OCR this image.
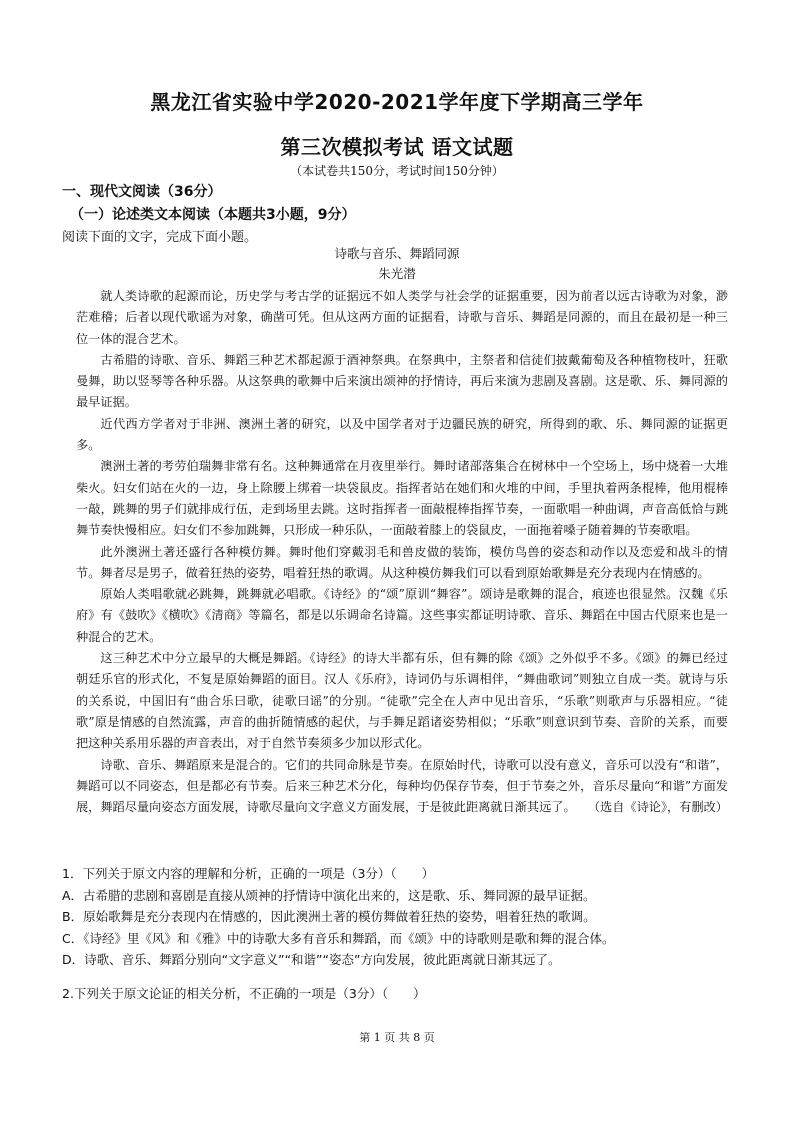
黑龙江省实验中学2020-2021学年度下学期高三学年
第三次模拟考试 语文试题
（本试卷共150分，考试时间150分钟）
一、现代文阅读（36分）
（一）论述类文本阅读（本题共3小题，9分）
阅读下面的文字，完成下面小题。
诗歌与音乐、舞蹈同源
朱光潜

就人类诗歌的起源而论，历史学与考古学的证据远不如人类学与社会学的证据重要，因为前者以远古诗歌为对象，渺茫难稽；后者以现代歌谣为对象，确凿可凭。但从这两方面的证据看，诗歌与音乐、舞蹈是同源的，而且在最初是一种三位一体的混合艺术。

古希腊的诗歌、音乐、舞蹈三种艺术都起源于酒神祭典。在祭典中，主祭者和信徒们披戴葡萄及各种植物枝叶，狂歌曼舞，助以竖琴等各种乐器。从这祭典的歌舞中后来演出颂神的抒情诗，再后来演为悲剧及喜剧。这是歌、乐、舞同源的最早证据。

近代西方学者对于非洲、澳洲土著的研究，以及中国学者对于边疆民族的研究，所得到的歌、乐、舞同源的证据更多。

澳洲土著的考劳伯瑞舞非常有名。这种舞通常在月夜里举行。舞时诸部落集合在树林中一个空场上，场中烧着一大堆柴火。妇女们站在火的一边，身上除腰上绑着一块袋鼠皮。指挥者站在她们和火堆的中间，手里执着两条棍棒，他用棍棒一敲，跳舞的男子们就排成行伍，走到场里去跳。这时指挥者一面敲棍棒指挥节奏，一面歌唱一种曲调，声音高低恰与跳舞节奏快慢相应。妇女们不参加跳舞，只形成一种乐队，一面敲着膝上的袋鼠皮，一面拖着嗓子随着舞的节奏歌唱。

此外澳洲土著还盛行各种模仿舞。舞时他们穿戴羽毛和兽皮做的装饰，模仿鸟兽的姿态和动作以及恋爱和战斗的情节。舞者尽是男子，做着狂热的姿势，唱着狂热的歌调。从这种模仿舞我们可以看到原始歌舞是充分表现内在情感的。

原始人类唱歌就必跳舞，跳舞就必唱歌。《诗经》的“颂”原训“舞容”。颂诗是歌舞的混合，痕迹也很显然。汉魏《乐府》有《鼓吹》《横吹》《清商》等篇名，都是以乐调命名诗篇。这些事实都证明诗歌、音乐、舞蹈在中国古代原来也是一种混合的艺术。

这三种艺术中分立最早的大概是舞蹈。《诗经》的诗大半都有乐，但有舞的除《颂》之外似乎不多。《颂》的舞已经过朝廷乐官的形式化，不复是原始舞蹈的面目。汉人《乐府》，诗词仍与乐调相伴，“舞曲歌词”则独立自成一类。就诗与乐的关系说，中国旧有“曲合乐曰歌，徒歌曰谣”的分别。“徒歌”完全在人声中见出音乐，“乐歌”则歌声与乐器相应。“徒歌”原是情感的自然流露，声音的曲折随情感的起伏，与手舞足蹈诸姿势相似；“乐歌”则意识到节奏、音阶的关系，而要把这种关系用乐器的声音表出，对于自然节奏须多少加以形式化。

诗歌、音乐、舞蹈原来是混合的。它们的共同命脉是节奏。在原始时代，诗歌可以没有意义，音乐可以没有“和谐”，舞蹈可以不同姿态，但是都必有节奏。后来三种艺术分化，每种均仍保存节奏，但于节奏之外，音乐尽量向“和谐”方面发展，舞蹈尽量向姿态方面发展，诗歌尽量向文字意义方面发展，于是彼此距离就日渐其远了。 （选自《诗论》，有删改）

1．下列关于原文内容的理解和分析，正确的一项是（3分）（　　）

A．古希腊的悲剧和喜剧是直接从颂神的抒情诗中演化出来的，这是歌、乐、舞同源的最早证据。

B．原始歌舞是充分表现内在情感的，因此澳洲土著的模仿舞做着狂热的姿势，唱着狂热的歌调。

C．《诗经》里《风》和《雅》中的诗歌大多有音乐和舞蹈，而《颂》中的诗歌则是歌和舞的混合体。

D．诗歌、音乐、舞蹈分别向“文字意义”“和谐”“姿态”方向发展，彼此距离就日渐其远了。

2.下列关于原文论证的相关分析，不正确的一项是（3分）（　　）

第 1 页 共 8 页
